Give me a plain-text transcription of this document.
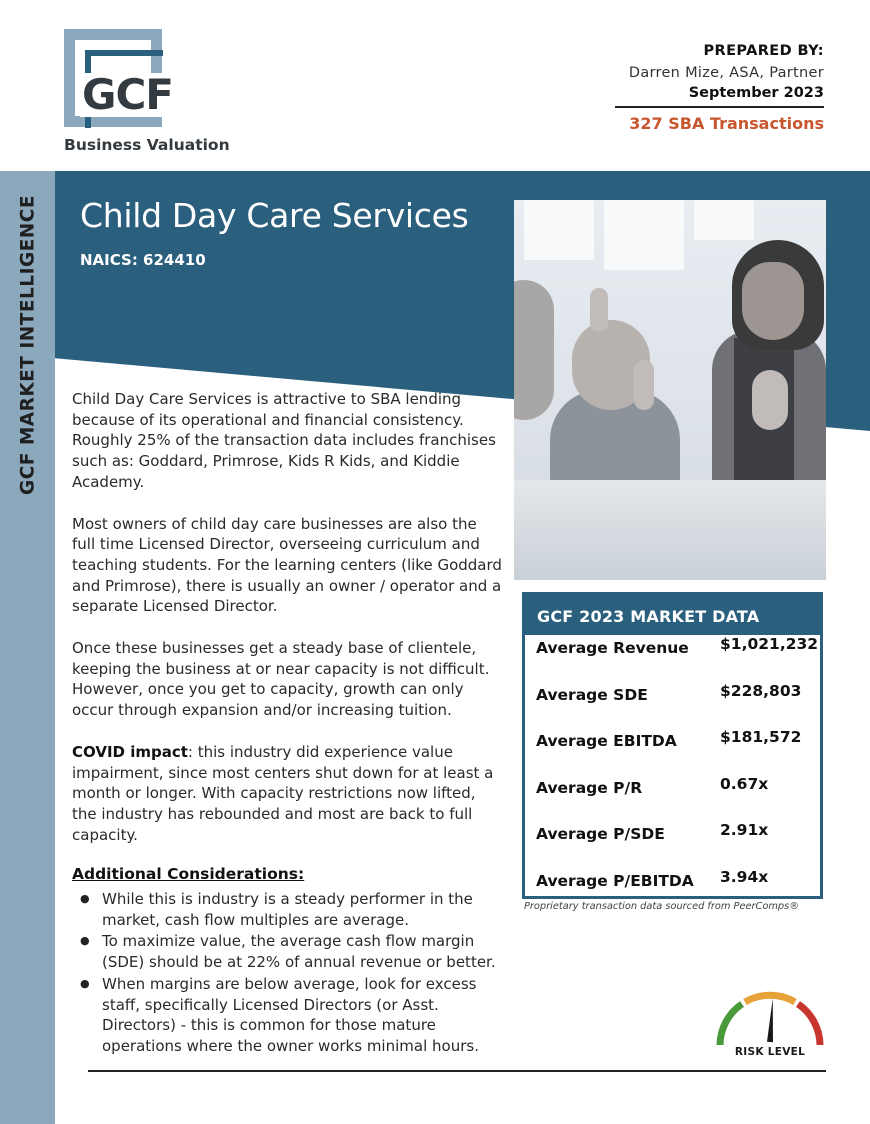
GCF MARKET INTELLIGENCE
GCF
Business Valuation
PREPARED BY:
Darren Mize, ASA, Partner
September 2023
327 SBA Transactions
Child Day Care Services
NAICS: 624410

Child Day Care Services is attractive to SBA lending because of its operational and financial consistency. Roughly 25% of the transaction data includes franchises such as: Goddard, Primrose, Kids R Kids, and Kiddie Academy.

Most owners of child day care businesses are also the full time Licensed Director, overseeing curriculum and teaching students. For the learning centers (like Goddard and Primrose), there is usually an owner / operator and a separate Licensed Director.

Once these businesses get a steady base of clientele, keeping the business at or near capacity is not difficult. However, once you get to capacity, growth can only occur through expansion and/or increasing tuition.

COVID impact: this industry did experience value impairment, since most centers shut down for at least a month or longer. With capacity restrictions now lifted, the industry has rebounded and most are back to full capacity.

Additional Considerations:
● While this is industry is a steady performer in the market, cash flow multiples are average.
● To maximize value, the average cash flow margin (SDE) should be at 22% of annual revenue or better.
● When margins are below average, look for excess staff, specifically Licensed Directors (or Asst. Directors) - this is common for those mature operations where the owner works minimal hours.
GCF 2023 MARKET DATA
Average Revenue $1,021,232
Average SDE	$228,803
Average EBITDA	$181,572
Average P/R	0.67x
Average P/SDE	2.91x
Average P/EBITDA 3.94x
Proprietary transaction data sourced from PeerComps®
RISK LEVEL
